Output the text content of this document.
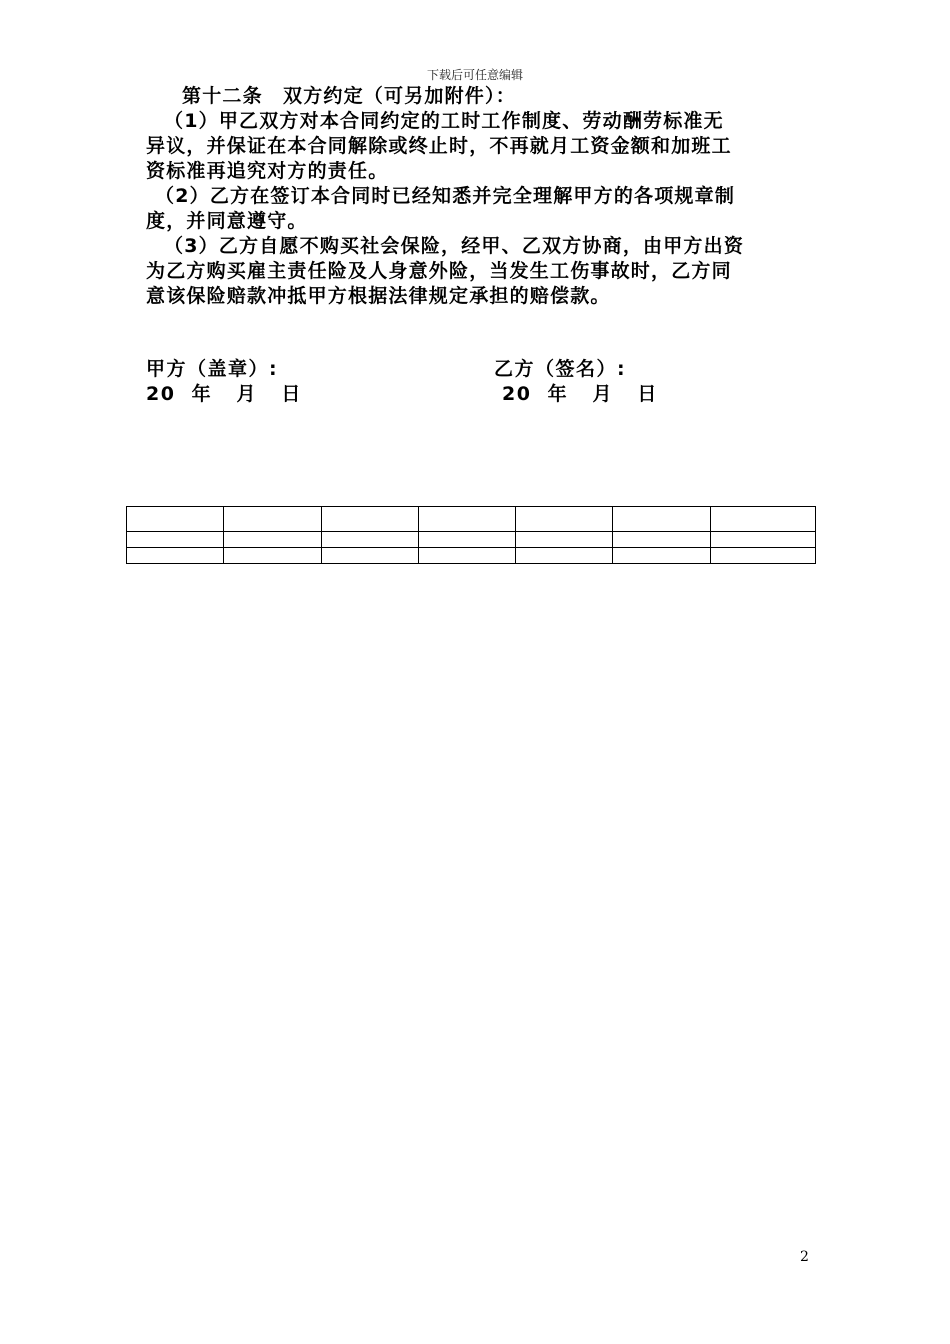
下载后可任意编辑
第十二条　双方约定（可另加附件）：
（1）甲乙双方对本合同约定的工时工作制度、劳动酬劳标准无
异议，并保证在本合同解除或终止时，不再就月工资金额和加班工
资标准再追究对方的责任。
（2）乙方在签订本合同时已经知悉并完全理解甲方的各项规章制
度，并同意遵守。
（3）乙方自愿不购买社会保险，经甲、乙双方协商，由甲方出资
为乙方购买雇主责任险及人身意外险，当发生工伤事故时，乙方同
意该保险赔款冲抵甲方根据法律规定承担的赔偿款。
甲方（盖章）:
20  年   月   日
乙方（签名）:
20  年   月   日

2
